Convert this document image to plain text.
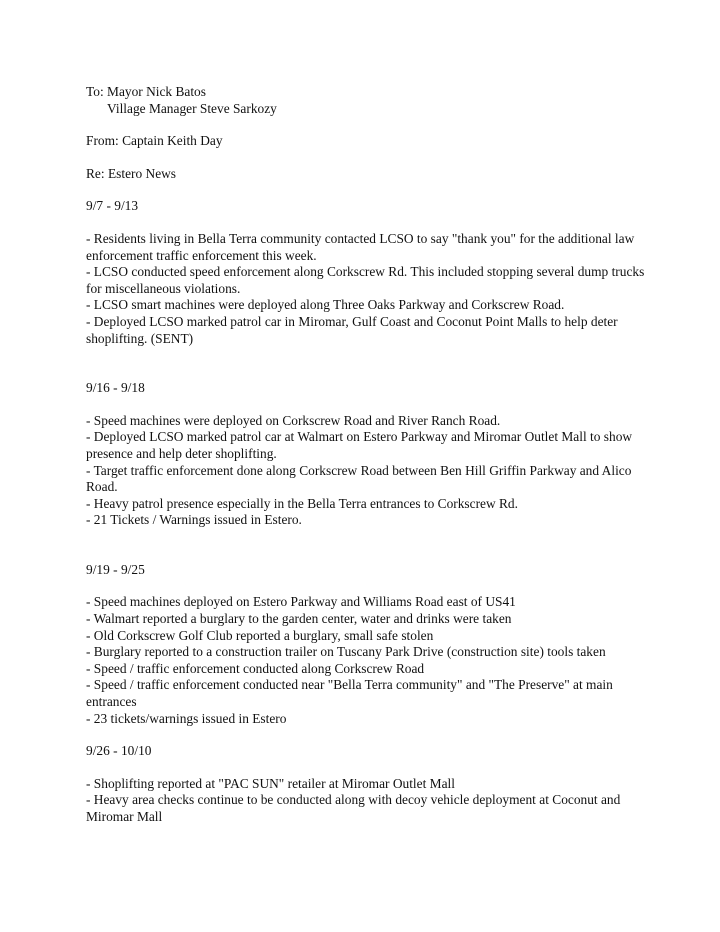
To: Mayor Nick Batos
Village Manager Steve Sarkozy
From: Captain Keith Day
Re: Estero News
9/7 - 9/13
- Residents living in Bella Terra community contacted LCSO to say "thank you" for the additional law enforcement traffic enforcement this week.
- LCSO conducted speed enforcement along Corkscrew Rd. This included stopping several dump trucks for miscellaneous violations.
- LCSO smart machines were deployed along Three Oaks Parkway and Corkscrew Road.
- Deployed LCSO marked patrol car in Miromar, Gulf Coast and Coconut Point Malls to help deter shoplifting. (SENT)
9/16 - 9/18
- Speed machines were deployed on Corkscrew Road and River Ranch Road.
- Deployed LCSO marked patrol car at Walmart on Estero Parkway and Miromar Outlet Mall to show presence and help deter shoplifting.
- Target traffic enforcement done along Corkscrew Road between Ben Hill Griffin Parkway and Alico Road.
- Heavy patrol presence especially in the Bella Terra entrances to Corkscrew Rd.
- 21 Tickets / Warnings issued in Estero.
9/19 - 9/25
- Speed machines deployed on Estero Parkway and Williams Road east of US41
- Walmart reported a burglary to the garden center, water and drinks were taken
- Old Corkscrew Golf Club reported a burglary, small safe stolen
- Burglary reported to a construction trailer on Tuscany Park Drive (construction site) tools taken
- Speed / traffic enforcement conducted along Corkscrew Road
- Speed / traffic enforcement conducted near "Bella Terra community" and "The Preserve" at main entrances
- 23 tickets/warnings issued in Estero
9/26 - 10/10
- Shoplifting reported at "PAC SUN" retailer at Miromar Outlet Mall
- Heavy area checks continue to be conducted along with decoy vehicle deployment at Coconut and Miromar Mall
